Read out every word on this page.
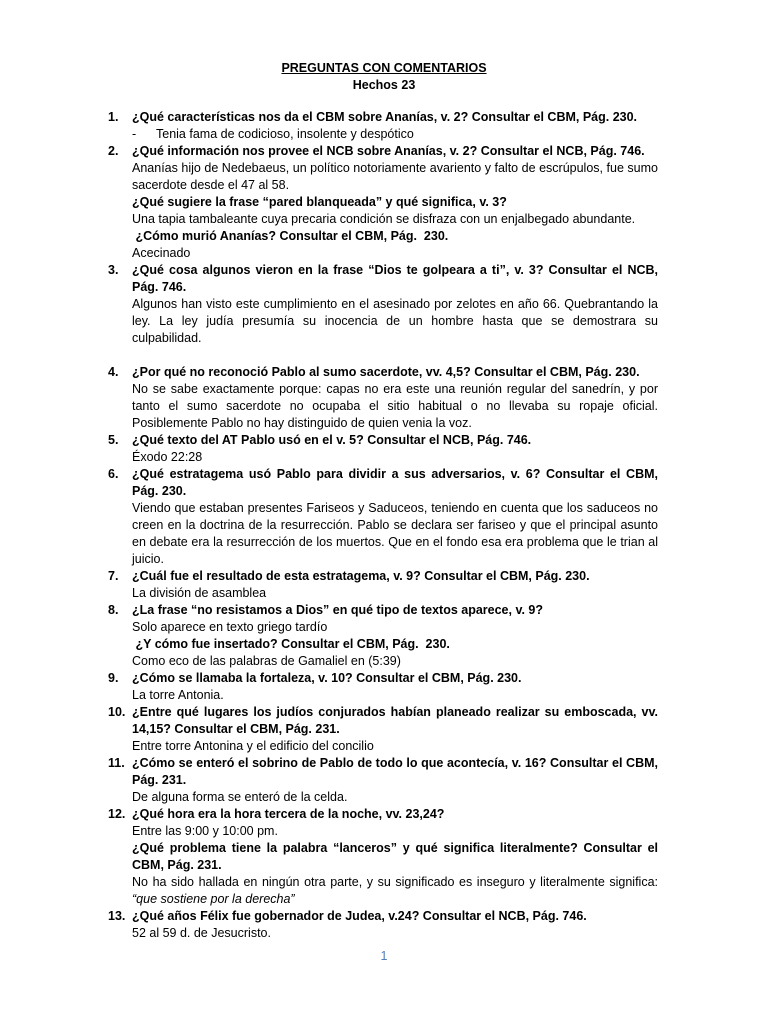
PREGUNTAS CON COMENTARIOS
Hechos 23
1. ¿Qué características nos da el CBM sobre Ananías, v. 2? Consultar el CBM, Pág. 230.
- Tenia fama de codicioso, insolente y despótico
2. ¿Qué información nos provee el NCB sobre Ananías, v. 2? Consultar el NCB, Pág. 746.
Ananías hijo de Nedebaeus, un político notoriamente avariento y falto de escrúpulos, fue sumo sacerdote desde el 47 al 58.
¿Qué sugiere la frase “pared blanqueada” y qué significa, v. 3?
Una tapia tambaleante cuya precaria condición se disfraza con un enjalbegado abundante.
¿Cómo murió Ananías? Consultar el CBM, Pág.  230.
Acecinado
3. ¿Qué cosa algunos vieron en la frase “Dios te golpeara a ti”, v. 3? Consultar el NCB, Pág. 746.
Algunos han visto este cumplimiento en el asesinado por zelotes en año 66. Quebrantando la ley. La ley judía presumía su inocencia de un hombre hasta que se demostrara su culpabilidad.
4. ¿Por qué no reconoció Pablo al sumo sacerdote, vv. 4,5? Consultar el CBM, Pág. 230.
No se sabe exactamente porque: capas no era este una reunión regular del sanedrín, y por tanto el sumo sacerdote no ocupaba el sitio habitual o no llevaba su ropaje oficial. Posiblemente Pablo no hay distinguido de quien venia la voz.
5. ¿Qué texto del AT Pablo usó en el v. 5? Consultar el NCB, Pág. 746.
Éxodo 22:28
6. ¿Qué estratagema usó Pablo para dividir a sus adversarios, v. 6? Consultar el CBM, Pág. 230.
Viendo que estaban presentes Fariseos y Saduceos, teniendo en cuenta que los saduceos no creen en la doctrina de la resurrección. Pablo se declara ser fariseo y que el principal asunto en debate era la resurrección de los muertos. Que en el fondo esa era problema que le trian al juicio.
7. ¿Cuál fue el resultado de esta estratagema, v. 9? Consultar el CBM, Pág. 230.
La división de asamblea
8. ¿La frase “no resistamos a Dios” en qué tipo de textos aparece, v. 9?
Solo aparece en texto griego tardío
¿Y cómo fue insertado? Consultar el CBM, Pág.  230.
Como eco de las palabras de Gamaliel en (5:39)
9. ¿Cómo se llamaba la fortaleza, v. 10? Consultar el CBM, Pág. 230.
La torre Antonia.
10. ¿Entre qué lugares los judíos conjurados habían planeado realizar su emboscada, vv. 14,15? Consultar el CBM, Pág. 231.
Entre torre Antonina y el edificio del concilio
11. ¿Cómo se enteró el sobrino de Pablo de todo lo que acontecía, v. 16? Consultar el CBM, Pág. 231.
De alguna forma se enteró de la celda.
12. ¿Qué hora era la hora tercera de la noche, vv. 23,24?
Entre las 9:00 y 10:00 pm.
¿Qué problema tiene la palabra “lanceros” y qué significa literalmente? Consultar el CBM, Pág. 231.
No ha sido hallada en ningún otra parte, y su significado es inseguro y literalmente significa: “que sostiene por la derecha”
13. ¿Qué años Félix fue gobernador de Judea, v.24? Consultar el NCB, Pág. 746.
52 al 59 d. de Jesucristo.
1
